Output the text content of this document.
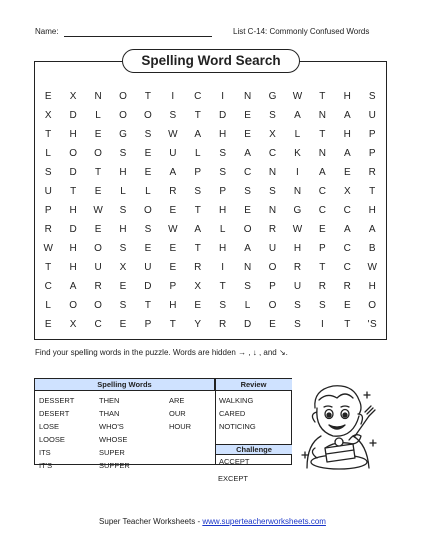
Name:	List C-14: Commonly Confused Words
Spelling Word Search
E	X	N	O	T	I	C	I	N	G	W	T	H	S
X	D	L	O	O	S	T	D	E	S	A	N	A	U
T	H	E	G	S	W	A	H	E	X	L	T	H	P
L	O	O	S	E	U	L	S	A	C	K	N	A	P
S	D	T	H	E	A	P	S	C	N	I	A	E	R
U	T	E	L	L	R	S	P	S	S	N	C	X	T
P	H	W	S	O	E	T	H	E	N	G	C	C	H
R	D	E	H	S	W	A	L	O	R	W	E	A	A
W	H	O	S	E	E	T	H	A	U	H	P	C	B
T	H	U	X	U	E	R	I	N	O	R	T	C	W
C	A	R	E	D	P	X	T	S	P	U	R	R	H
L	O	O	S	T	H	E	S	L	O	S	S	E	O
E	X	C	E	P	T	Y	R	D	E	S	I	T	'S
Find your spelling words in the puzzle. Words are hidden → , ↓ , and ↘.
Spelling Words	Review
DESSERT
DESERT
LOSE
LOOSE
ITS
IT'S
THEN
THAN
WHO'S
WHOSE
SUPER
SUPPER
ARE
OUR
HOUR
WALKING
CARED
NOTICING
Challenge
ACCEPT
EXCEPT
Super Teacher Worksheets - www.superteacherworksheets.com
